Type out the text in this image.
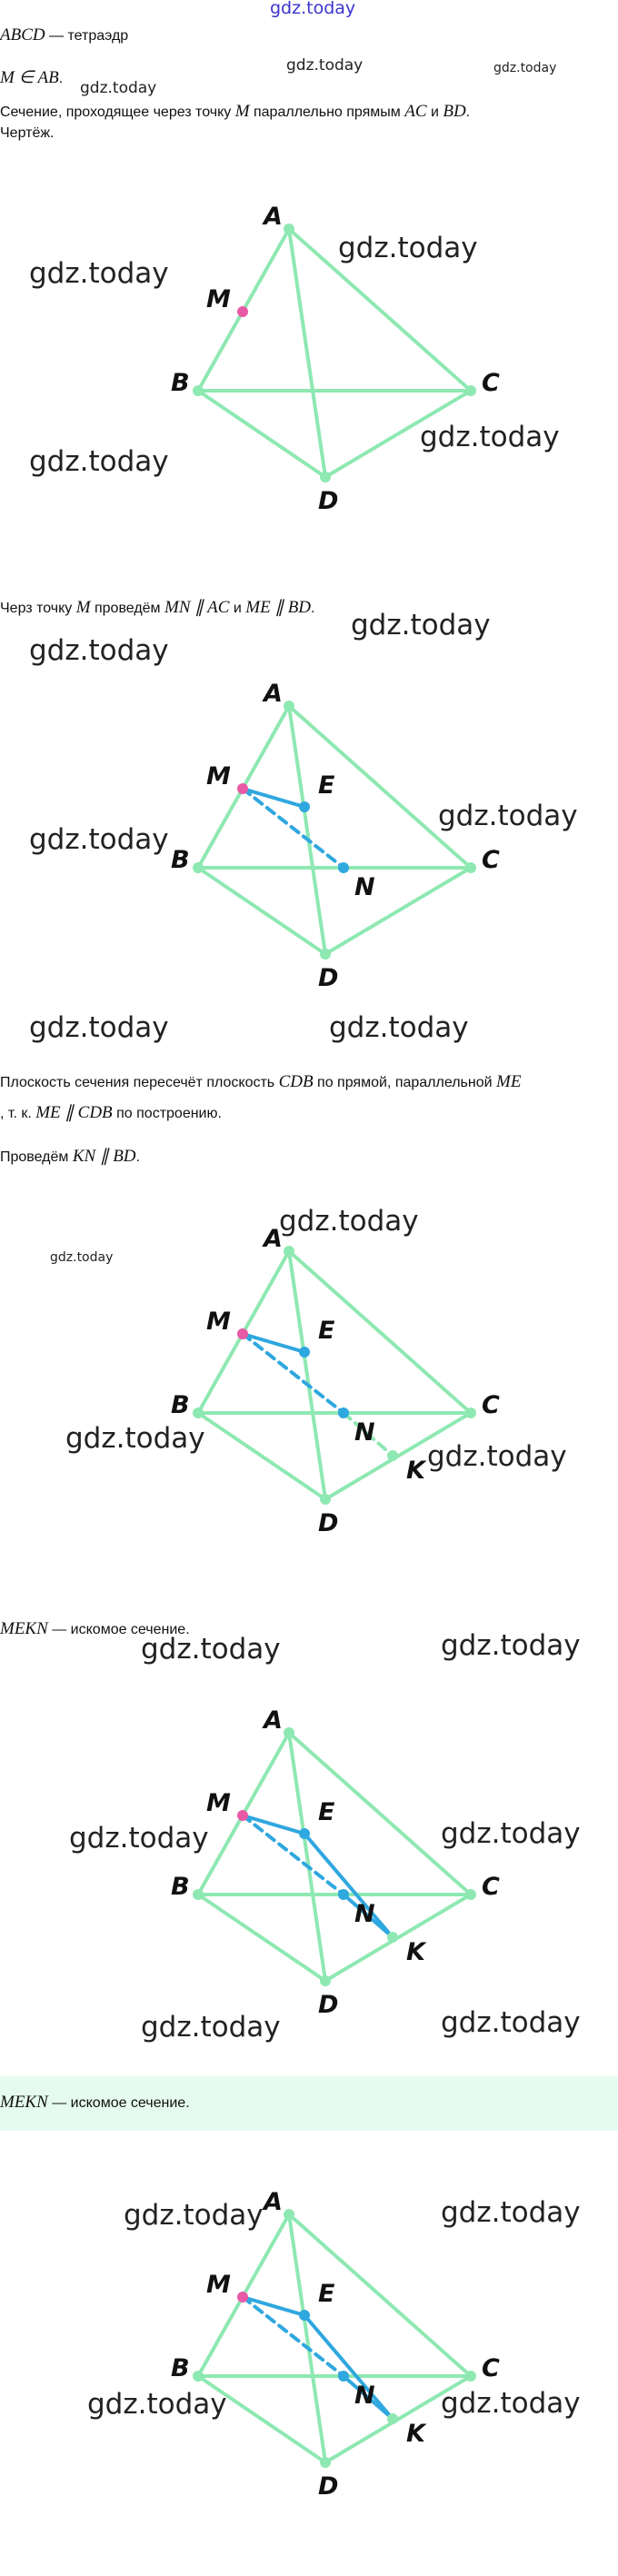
gdz.today
ABCD — тетраэдр
M ∈ AB.
Сечение, проходящее через точку M параллельно прямым AC и BD.
Чертёж.
Черз точку M проведём MN ∥ AC и ME ∥ BD.
Плоскость сечения пересечёт плоскость CDB по прямой, параллельной ME
, т. к. ME ∥ CDB по построению.
Проведём KN ∥ BD.
MEKN — искомое сечение.
MEKN — искомое сечение.
A
B	C
D
M
A
B	C
D
M	E
N
A
B	C
D
M	E
N
K
A
B	C
D
M	E
N
K
A
B	C
D
M	E
N
K
gdz.today
gdz.today	gdz.today
gdz.today
gdz.today
gdz.today
gdz.today
gdz.today
gdz.today
gdz.today
gdz.today
gdz.today	gdz.today
gdz.today
gdz.today
gdz.today
gdz.today
gdz.today	gdz.today
gdz.today	gdz.today
gdz.today	gdz.today
gdz.today	gdz.today
gdz.today	gdz.today
